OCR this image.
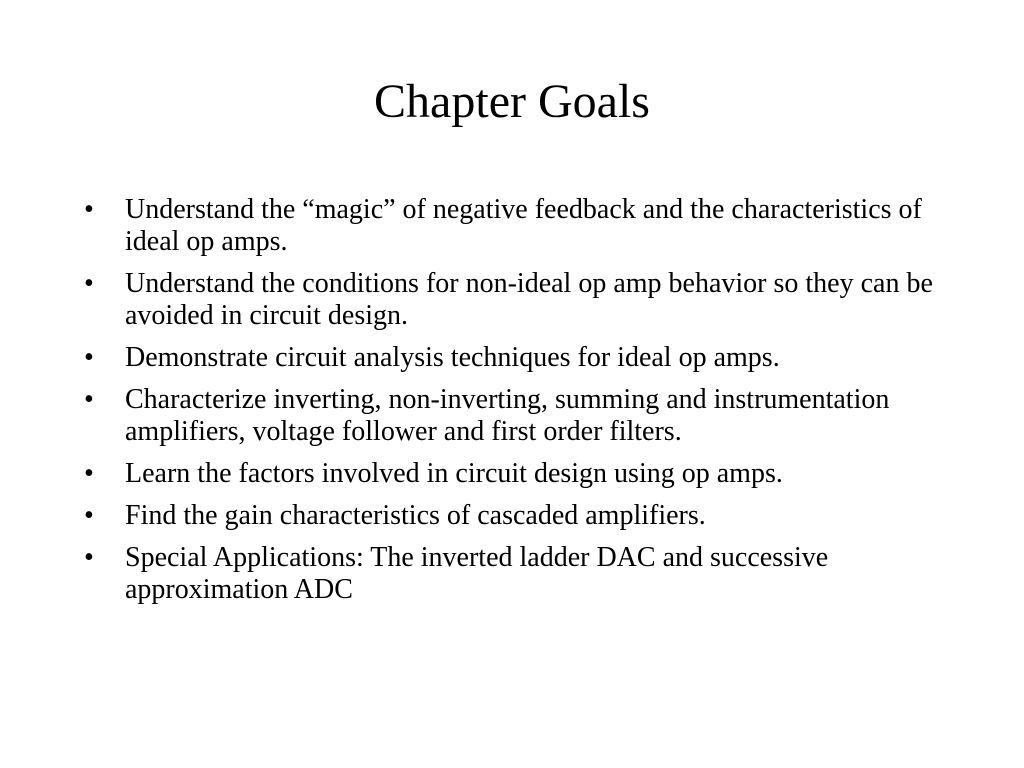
Chapter Goals
• Understand the “magic” of negative feedback and the characteristics of ideal op amps.
• Understand the conditions for non-ideal op amp behavior so they can be avoided in circuit design.
• Demonstrate circuit analysis techniques for ideal op amps.
• Characterize inverting, non-inverting, summing and instrumentation amplifiers, voltage follower and first order filters.
• Learn the factors involved in circuit design using op amps.
• Find the gain characteristics of cascaded amplifiers.
• Special Applications: The inverted ladder DAC and successive approximation ADC
